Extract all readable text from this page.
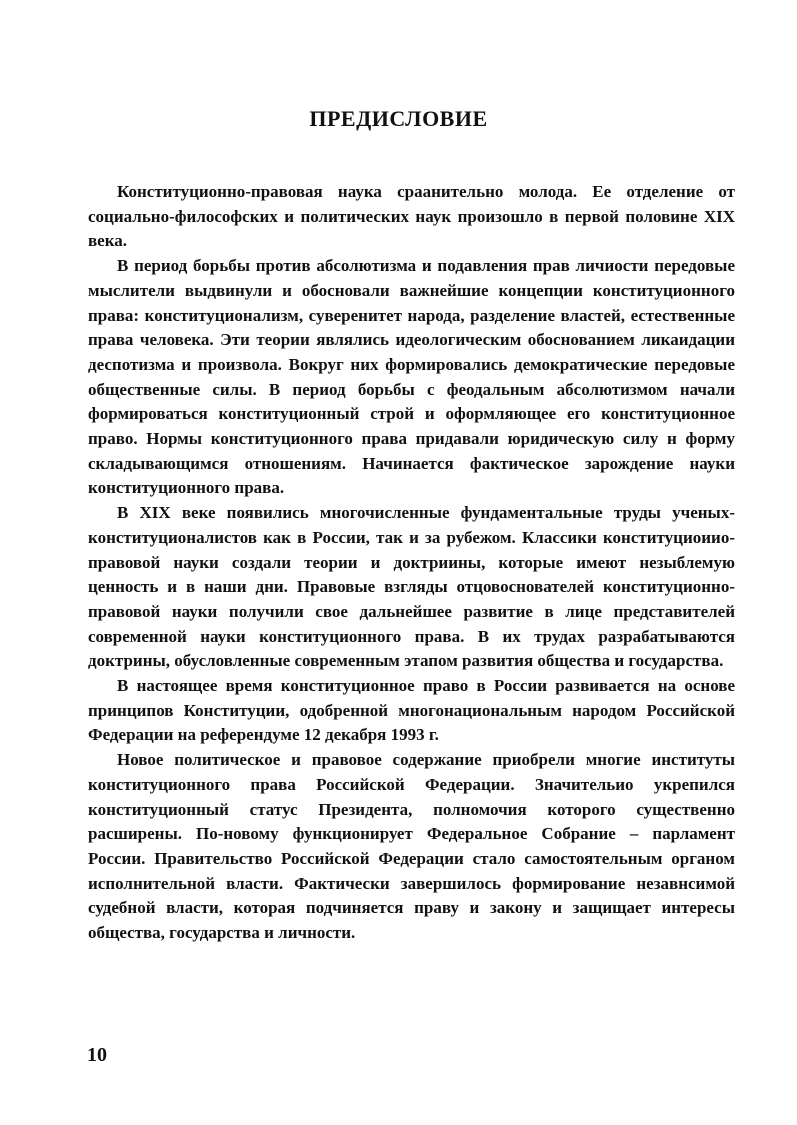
ПРЕДИСЛОВИЕ

Конституционно-правовая наука сраанительно молода. Ее отделение от социально-философских и политических наук произошло в первой половине XIX века.

В период борьбы против абсолютизма и подавления прав личиости передовые мыслители выдвинули и обосновали важнейшие концепции конституционного права: конституционализм, суверенитет народа, разделение властей, естественные права человека. Эти теории являлись идеологическим обоснованием ликаидации деспотизма и произвола. Вокруг них формировались демократические передовые общественные силы. В период борьбы с феодальным абсолютизмом начали формироваться конституционный строй и оформляющее его конституционное право. Нормы конституционного права придавали юридическую силу н форму складывающимся отношениям. Начинается фактическое зарождение науки конституционного права.

В XIX веке появились многочисленные фундаментальные труды ученых-конституционалистов как в России, так и за рубежом. Классики конституциоиио-правовой науки создали теории и доктриины, которые имеют незыблемую ценность и в наши дни. Правовые взгляды отцовоснователей конституционно-правовой науки получили свое дальнейшее развитие в лице представителей современной науки конституционного права. В их трудах разрабатываются доктрины, обусловленные современным этапом развития общества и государства.

В настоящее время конституционное право в России развивается на основе принципов Конституции, одобренной многонациональным народом Российской Федерации на референдуме 12 декабря 1993 г.

Новое политическое и правовое содержание приобрели многие институты конституционного права Российской Федерации. Значительио укрепился конституционный статус Президента, полномочия которого существенно расширены. По-новому функционирует Федеральное Собрание – парламент России. Правительство Российской Федерации стало самостоятельным органом исполнительной власти. Фактически завершилось формирование незавнсимой судебной власти, которая подчиняется праву и закону и защищает интересы общества, государства и личности.

10
